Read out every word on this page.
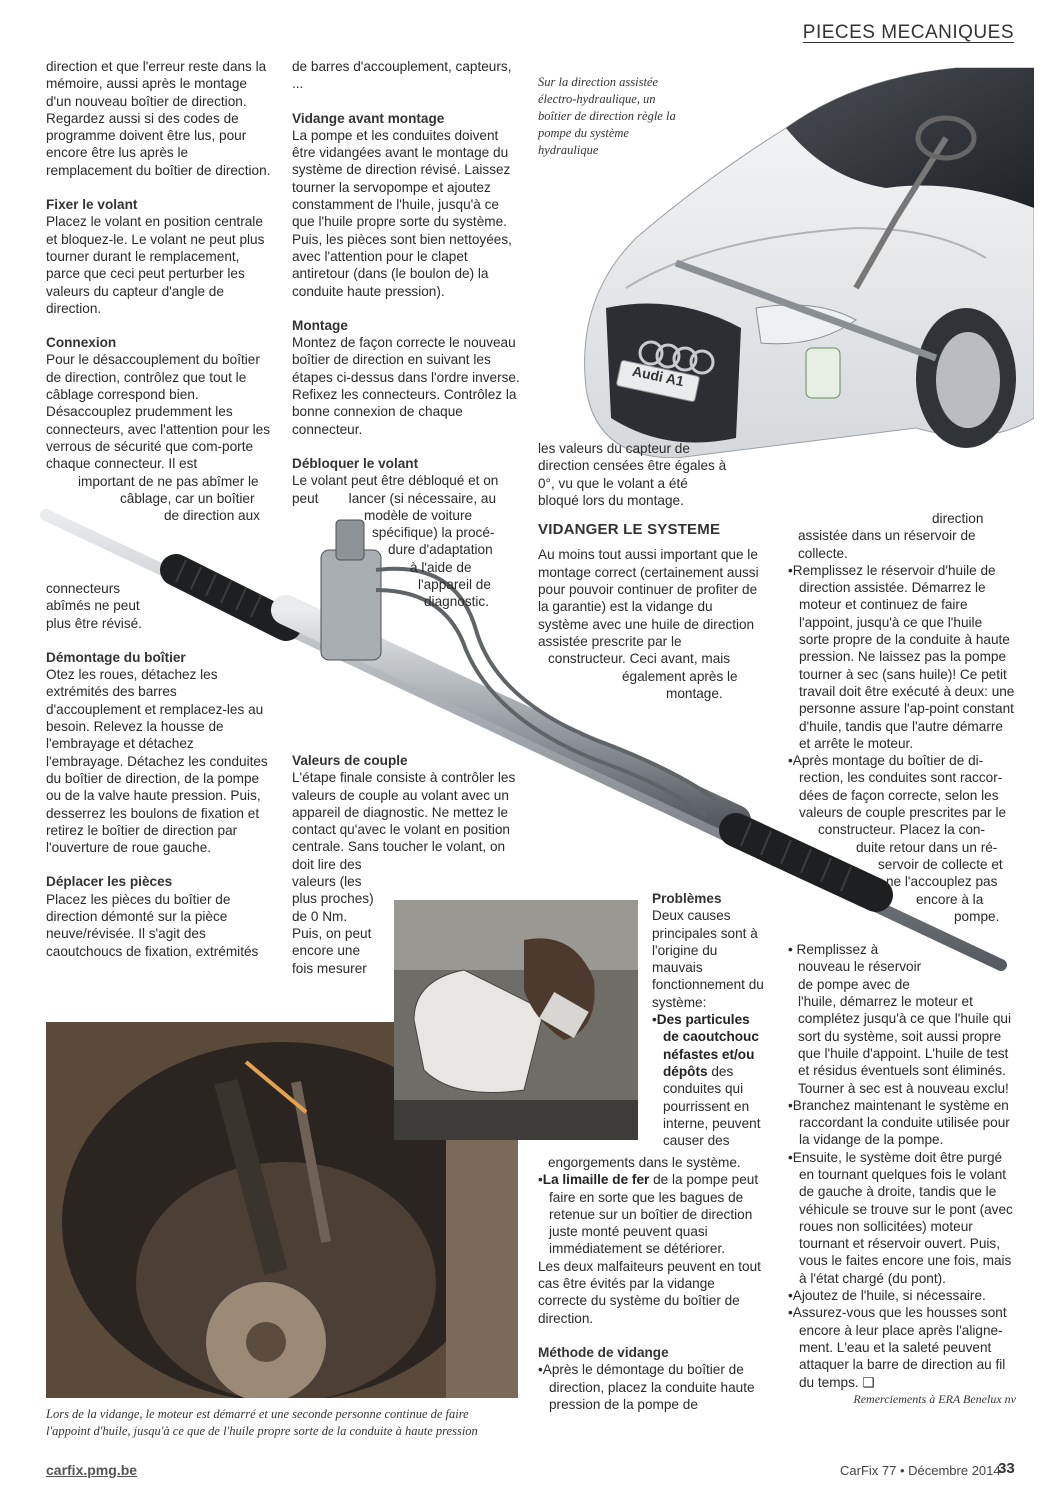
PIECES MECANIQUES
Sur la direction assistée électro-hydraulique, un boîtier de direction règle la pompe du système hydraulique
Audi A1
Lors de la vidange, le moteur est démarré et une seconde personne continue de faire l'appoint d'huile, jusqu'à ce que de l'huile propre sorte de la conduite à haute pression

direction et que l'erreur reste dans la mémoire, aussi après le montage d'un nouveau boîtier de direction. Regardez aussi si des codes de programme doivent être lus, pour encore être lus après le remplacement du boîtier de direction.

Fixer le volant

Placez le volant en position centrale et bloquez-le. Le volant ne peut plus tourner durant le remplacement, parce que ceci peut perturber les valeurs du capteur d'angle de direction.

Connexion

Pour le désaccouplement du boîtier de direction, contrôlez que tout le câblage correspond bien. Désaccouplez prudemment les connecteurs, avec l'attention pour les verrous de sécurité que com-porte chaque connecteur. Il est

important de ne pas abîmer le

câblage, car un boîtier

de direction aux

connecteurs abîmés ne peut plus être révisé.

Démontage du boîtier

Otez les roues, détachez les extrémités des barres d'accouplement et remplacez-les au besoin. Relevez la housse de l'embrayage et détachez l'embrayage. Détachez les conduites du boîtier de direction, de la pompe ou de la valve haute pression. Puis, desserrez les boulons de fixation et retirez le boîtier de direction par l'ouverture de roue gauche.

Déplacer les pièces

Placez les pièces du boîtier de direction démonté sur la pièce neuve/révisée. Il s'agit des caoutchoucs de fixation, extrémités

de barres d'accouplement, capteurs, ...

Vidange avant montage

La pompe et les conduites doivent être vidangées avant le montage du système de direction révisé. Laissez tourner la servopompe et ajoutez constamment de l'huile, jusqu'à ce que l'huile propre sorte du système. Puis, les pièces sont bien nettoyées, avec l'attention pour le clapet antiretour (dans (le boulon de) la conduite haute pression).

Montage

Montez de façon correcte le nouveau boîtier de direction en suivant les étapes ci-dessus dans l'ordre inverse. Refixez les connecteurs. Contrôlez la bonne connexion de chaque connecteur.

Débloquer le volant

Le volant peut être débloqué et on

peut        lancer (si nécessaire, au

modèle de voiture

spécifique) la procé-

dure d'adaptation

à l'aide de

l'appareil de

diagnostic.

Valeurs de couple

L'étape finale consiste à contrôler les valeurs de couple au volant avec un appareil de diagnostic. Ne mettez le contact qu'avec le volant en position centrale. Sans toucher le volant, on doit lire des

valeurs (les plus proches) de 0 Nm. Puis, on peut encore une fois mesurer

les valeurs du capteur de direction censées être égales à 0°, vu que le volant a été bloqué lors du montage.

VIDANGER LE SYSTEME

Au moins tout aussi important que le montage correct (certainement aussi pour pouvoir continuer de profiter de la garantie) est la vidange du système avec une huile de direction assistée prescrite par le

constructeur. Ceci avant, mais

également après le

montage.

Problèmes

Deux causes principales sont à l'origine du mauvais fonctionnement du système:

•Des particules de caoutchouc néfastes et/ou dépôts des conduites qui pourrissent en interne, peuvent causer des

engorgements dans le système.

•La limaille de fer de la pompe peut faire en sorte que les bagues de retenue sur un boîtier de direction juste monté peuvent quasi immédiatement se détériorer.

Les deux malfaiteurs peuvent en tout cas être évités par la vidange correcte du système du boîtier de direction.

Méthode de vidange

•Après le démontage du boîtier de direction, placez la conduite haute pression de la pompe de

direction

assistée dans un réservoir de collecte.

•Remplissez le réservoir d'huile de direction assistée. Démarrez le moteur et continuez de faire l'appoint, jusqu'à ce que l'huile sorte propre de la conduite à haute pression. Ne laissez pas la pompe tourner à sec (sans huile)! Ce petit travail doit être exécuté à deux: une personne assure l'ap-point constant d'huile, tandis que l'autre démarre et arrête le moteur.

•Après montage du boîtier de di-rection, les conduites sont raccor-dées de façon correcte, selon les valeurs de couple prescrites par le

constructeur. Placez la con-

duite retour dans un ré-

servoir de collecte et

ne l'accouplez pas

encore à la

pompe.

• Remplissez à

nouveau le réservoir

de pompe avec de

l'huile, démarrez le moteur et complétez jusqu'à ce que l'huile qui sort du système, soit aussi propre que l'huile d'appoint. L'huile de test et résidus éventuels sont éliminés. Tourner à sec est à nouveau exclu!

•Branchez maintenant le système en raccordant la conduite utilisée pour la vidange de la pompe.

•Ensuite, le système doit être purgé en tournant quelques fois le volant de gauche à droite, tandis que le véhicule se trouve sur le pont (avec roues non sollicitées) moteur tournant et réservoir ouvert. Puis, vous le faites encore une fois, mais à l'état chargé (du pont).

•Ajoutez de l'huile, si nécessaire.

•Assurez-vous que les housses sont encore à leur place après l'aligne-ment. L'eau et la saleté peuvent attaquer la barre de direction au fil du temps. ❑

Remerciements à ERA Benelux nv

carfix.pmg.be	CarFix 77 • Décembre 2014
33
